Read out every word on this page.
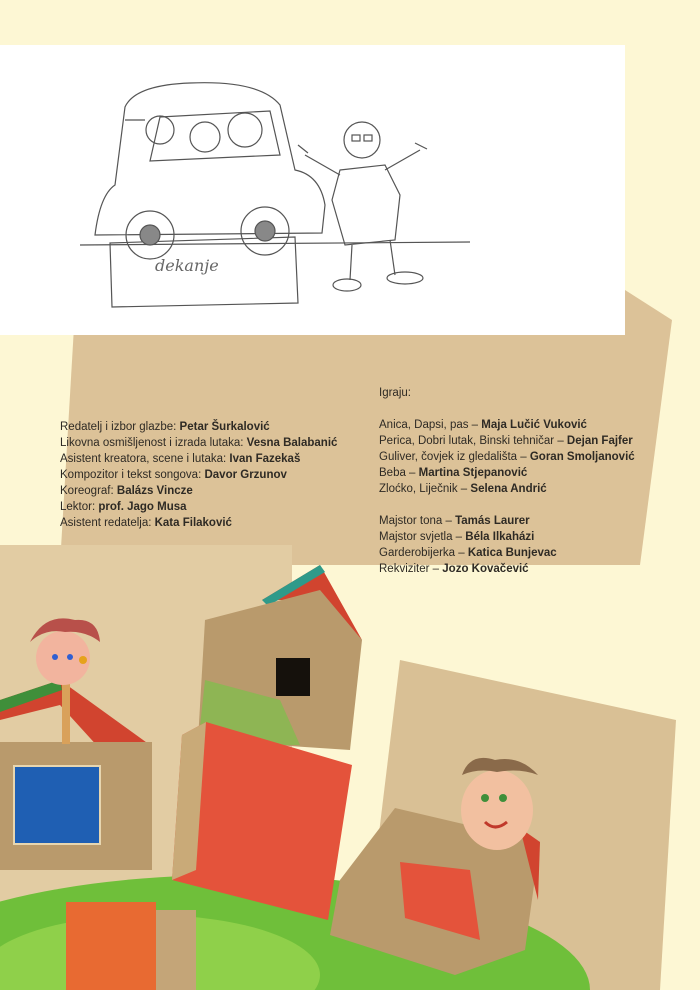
dekanje
Redatelj i izbor glazbe: Petar Šurkalović
Likovna osmišljenost i izrada lutaka: Vesna Balabanić
Asistent kreatora, scene i lutaka: Ivan Fazekaš
Kompozitor i tekst songova: Davor Grzunov
Koreograf: Balázs Vincze
Lektor: prof. Jago Musa
Asistent redatelja: Kata Filaković
Igraju:
Anica, Dapsi, pas – Maja Lučić Vuković
Perica, Dobri lutak, Binski tehničar – Dejan Fajfer
Guliver, čovjek iz gledališta – Goran Smoljanović
Beba – Martina Stjepanović
Zloćko, Liječnik – Selena Andrić
Majstor tona – Tamás Laurer
Majstor svjetla – Béla Ilkaházi
Garderobijerka – Katica Bunjevac
Rekviziter – Jozo Kovačević
